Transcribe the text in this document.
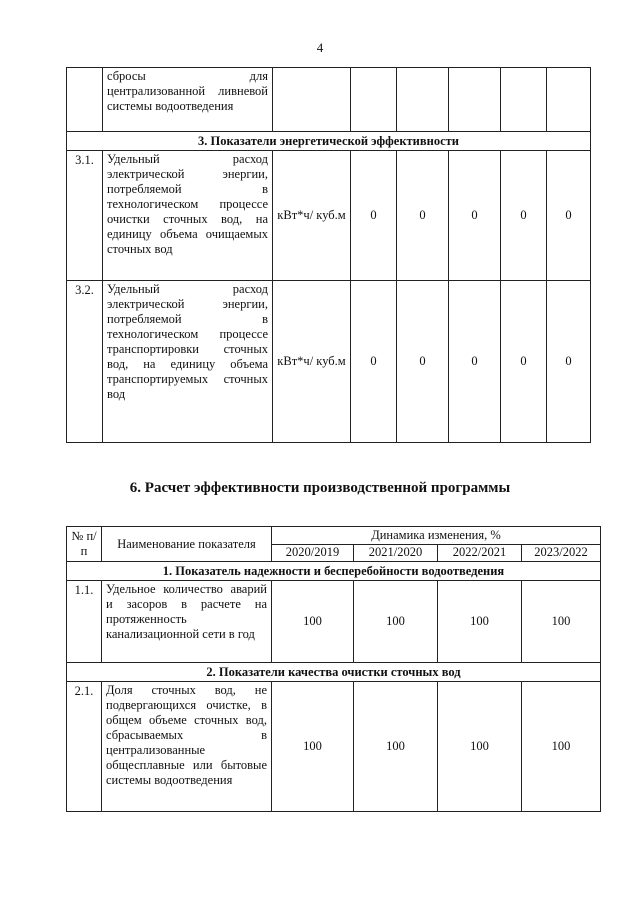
4
	сбросы для централизованной ливневой системы водоотведения						
3. Показатели энергетической эффективности							
3.1.	Удельный расход электрической энергии, потребляемой в технологическом процессе очистки сточных вод, на единицу объема очищаемых сточных вод	кВт*ч/ куб.м	0	0	0	0	0
3.2.	Удельный расход электрической энергии, потребляемой в технологическом процессе транспортировки сточных вод, на единицу объема транспортируемых сточных вод	кВт*ч/ куб.м	0	0	0	0	0
6. Расчет эффективности производственной программы
№ п/п	Наименование показателя	Динамика изменения, %			
		2020/2019	2021/2020	2022/2021	2023/2022
1. Показатель надежности и бесперебойности водоотведения					
1.1.	Удельное количество аварий и засоров в расчете на протяженность канализационной сети в год	100	100	100	100
2. Показатели качества очистки сточных вод					
2.1.	Доля сточных вод, не подвергающихся очистке, в общем объеме сточных вод, сбрасываемых в централизованные общесплавные или бытовые системы водоотведения	100	100	100	100
